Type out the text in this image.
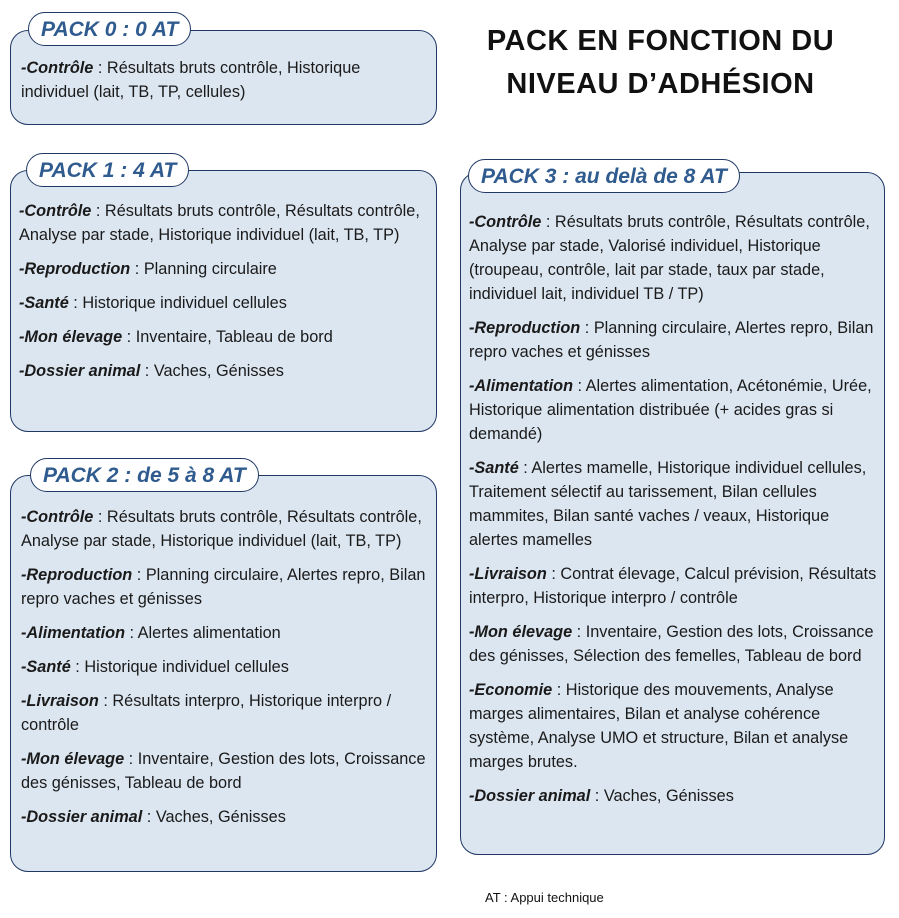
PACK EN FONCTION DU
NIVEAU D’ADHÉSION
-Contrôle : Résultats bruts contrôle, Historique individuel (lait, TB, TP, cellules)
PACK 0 : 0 AT
-Contrôle : Résultats bruts contrôle, Résultats contrôle, Analyse par stade, Historique individuel (lait, TB, TP)
-Reproduction : Planning circulaire
-Santé : Historique individuel cellules
-Mon élevage : Inventaire, Tableau de bord
-Dossier animal : Vaches, Génisses
PACK 1 : 4 AT
-Contrôle : Résultats bruts contrôle, Résultats contrôle, Analyse par stade, Historique individuel (lait, TB, TP)
-Reproduction : Planning circulaire, Alertes repro, Bilan repro vaches et génisses
-Alimentation : Alertes alimentation
-Santé : Historique individuel cellules
-Livraison : Résultats interpro, Historique interpro / contrôle
-Mon élevage : Inventaire, Gestion des lots, Croissance des génisses, Tableau de bord
-Dossier animal : Vaches, Génisses
PACK 2 : de 5 à 8 AT
-Contrôle : Résultats bruts contrôle, Résultats contrôle, Analyse par stade, Valorisé individuel, Historique (troupeau, contrôle, lait par stade, taux par stade, individuel lait, individuel TB / TP)
-Reproduction : Planning circulaire, Alertes repro, Bilan repro vaches et génisses
-Alimentation : Alertes alimentation, Acétonémie, Urée, Historique alimentation distribuée (+ acides gras si demandé)
-Santé : Alertes mamelle, Historique individuel cellules, Traitement sélectif au tarissement, Bilan cellules mammites, Bilan santé vaches / veaux, Historique alertes mamelles
-Livraison : Contrat élevage, Calcul prévision, Résultats interpro, Historique interpro / contrôle
-Mon élevage : Inventaire, Gestion des lots, Croissance des génisses, Sélection des femelles, Tableau de bord
-Economie : Historique des mouvements, Analyse marges alimentaires, Bilan et analyse cohérence système, Analyse UMO et structure, Bilan et analyse marges brutes.
-Dossier animal : Vaches, Génisses
PACK 3 : au delà de 8 AT
AT : Appui technique
